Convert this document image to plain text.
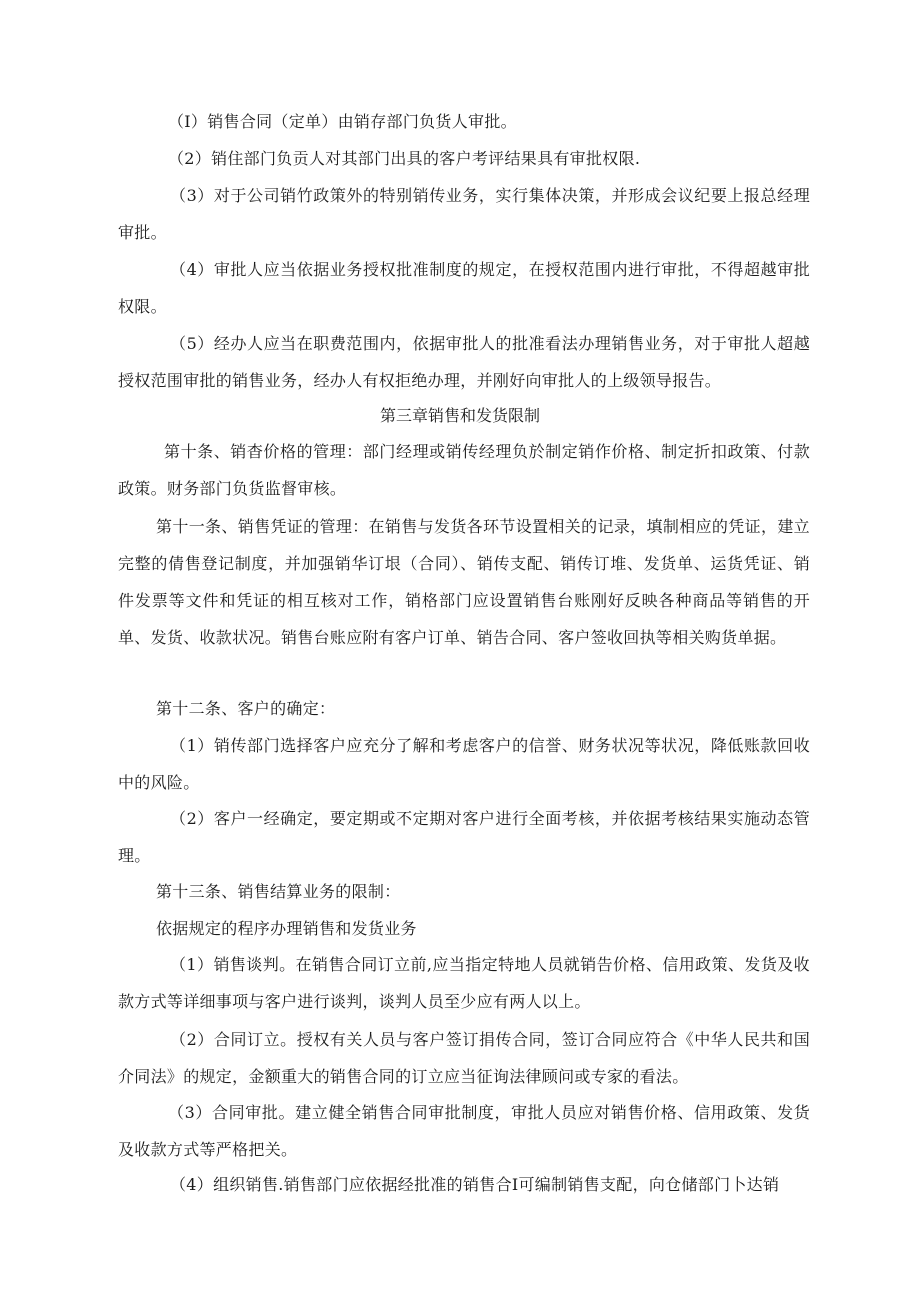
（I）销售合同（定单）由销存部门负货人审批。

（2）销住部门负贡人对其部门出具的客户考评结果具有审批权限.

（3）对于公司销竹政策外的特别销传业务，实行集体决策，并形成会议纪要上报总经理审批。

（4）审批人应当依据业务授权批准制度的规定，在授权范围内进行审批，不得超越审批权限。

（5）经办人应当在职费范围内，依据审批人的批准看法办理销售业务，对于审批人超越授权范围审批的销售业务，经办人有权拒绝办理，并刚好向审批人的上级领导报告。

第三章销售和发货限制

第十条、销杳价格的管理：部门经理或销传经理负於制定销作价格、制定折扣政策、付款政策。财务部门负货监督审核。

第十一条、销售凭证的管理：在销售与发货各环节设置相关的记录，填制相应的凭证，建立完整的倩售登记制度，并加强销华订垠（合同）、销传支配、销传订堆、发货单、运货凭证、销件发票等文件和凭证的相互核对工作，销格部门应设置销售台账刚好反映各种商品等销售的开单、发货、收款状况。销售台账应附有客户订单、销告合同、客户签收回执等相关购货单据。

第十二条、客户的确定：

（1）销传部门选择客户应充分了解和考虑客户的信誉、财务状况等状况，降低账款回收中的风险。

（2）客户一经确定，要定期或不定期对客户进行全面考核，并依据考核结果实施动态管理。

第十三条、销售结算业务的限制：

依据规定的程序办理销售和发货业务

（1）销售谈判。在销售合同订立前,应当指定特地人员就销告价格、信用政策、发货及收款方式等详细事项与客户进行谈判，谈判人员至少应有两人以上。

（2）合同订立。授权有关人员与客户签订捐传合同，签订合同应符合《中华人民共和国介同法》的规定，金额重大的销售合同的订立应当征询法律顾问或专家的看法。

（3）合同审批。建立健全销售合同审批制度，审批人员应对销售价格、信用政策、发货及收款方式等严格把关。

（4）组织销售.销售部门应依据经批准的销售合I可编制销售支配，向仓储部门卜达销
